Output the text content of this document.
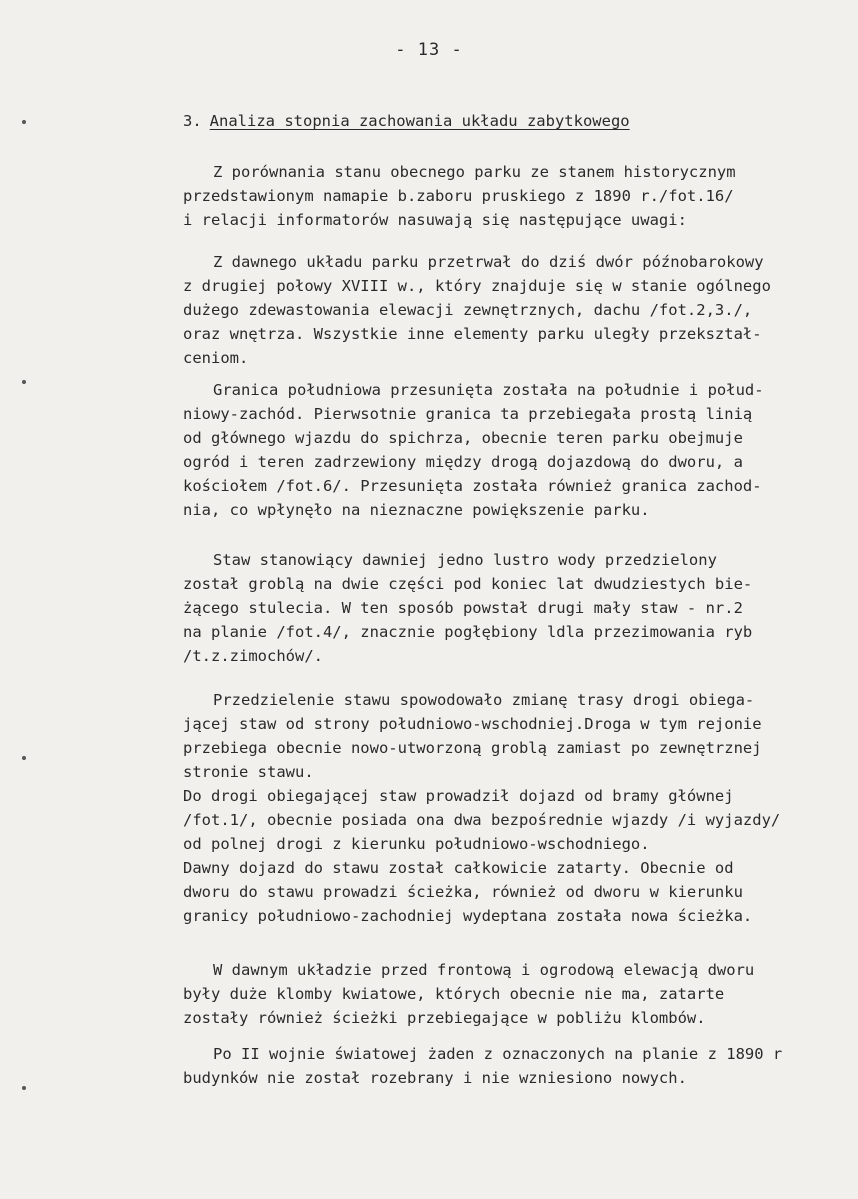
- 13 -
3. Analiza stopnia zachowania układu zabytkowego
Z porównania stanu obecnego parku ze stanem historycznym
przedstawionym namapie b.zaboru pruskiego z 1890 r./fot.16/
i relacji informatorów nasuwają się następujące uwagi:
Z dawnego układu parku przetrwał do dziś dwór późnobarokowy
z drugiej połowy XVIII w., który znajduje się w stanie ogólnego
dużego zdewastowania elewacji zewnętrznych, dachu /fot.2,3./,
oraz wnętrza. Wszystkie inne elementy parku uległy przekształ-
ceniom.
Granica południowa przesunięta została na południe i połud-
niowy-zachód. Pierwsotnie granica ta przebiegała prostą linią
od głównego wjazdu do spichrza, obecnie teren parku obejmuje
ogród i teren zadrzewiony między drogą dojazdową do dworu, a
kościołem /fot.6/. Przesunięta została również granica zachod-
nia, co wpłynęło na nieznaczne powiększenie parku.
Staw stanowiący dawniej jedno lustro wody przedzielony
został groblą na dwie części pod koniec lat dwudziestych bie-
żącego stulecia. W ten sposób powstał drugi mały staw - nr.2
na planie /fot.4/, znacznie pogłębiony ldla przezimowania ryb
/t.z.zimochów/.
Przedzielenie stawu spowodowało zmianę trasy drogi obiega-
jącej staw od strony południowo-wschodniej.Droga w tym rejonie
przebiega obecnie nowo-utworzoną groblą zamiast po zewnętrznej
stronie stawu.
Do drogi obiegającej staw prowadził dojazd od bramy głównej
/fot.1/, obecnie posiada ona dwa bezpośrednie wjazdy /i wyjazdy/
od polnej drogi z kierunku południowo-wschodniego.
Dawny dojazd do stawu został całkowicie zatarty. Obecnie od
dworu do stawu prowadzi ścieżka, również od dworu w kierunku
granicy południowo-zachodniej wydeptana została nowa ścieżka.
W dawnym układzie przed frontową i ogrodową elewacją dworu
były duże klomby kwiatowe, których obecnie nie ma, zatarte
zostały również ścieżki przebiegające w pobliżu klombów.
Po II wojnie światowej żaden z oznaczonych na planie z 1890 r
budynków nie został rozebrany i nie wzniesiono nowych.
